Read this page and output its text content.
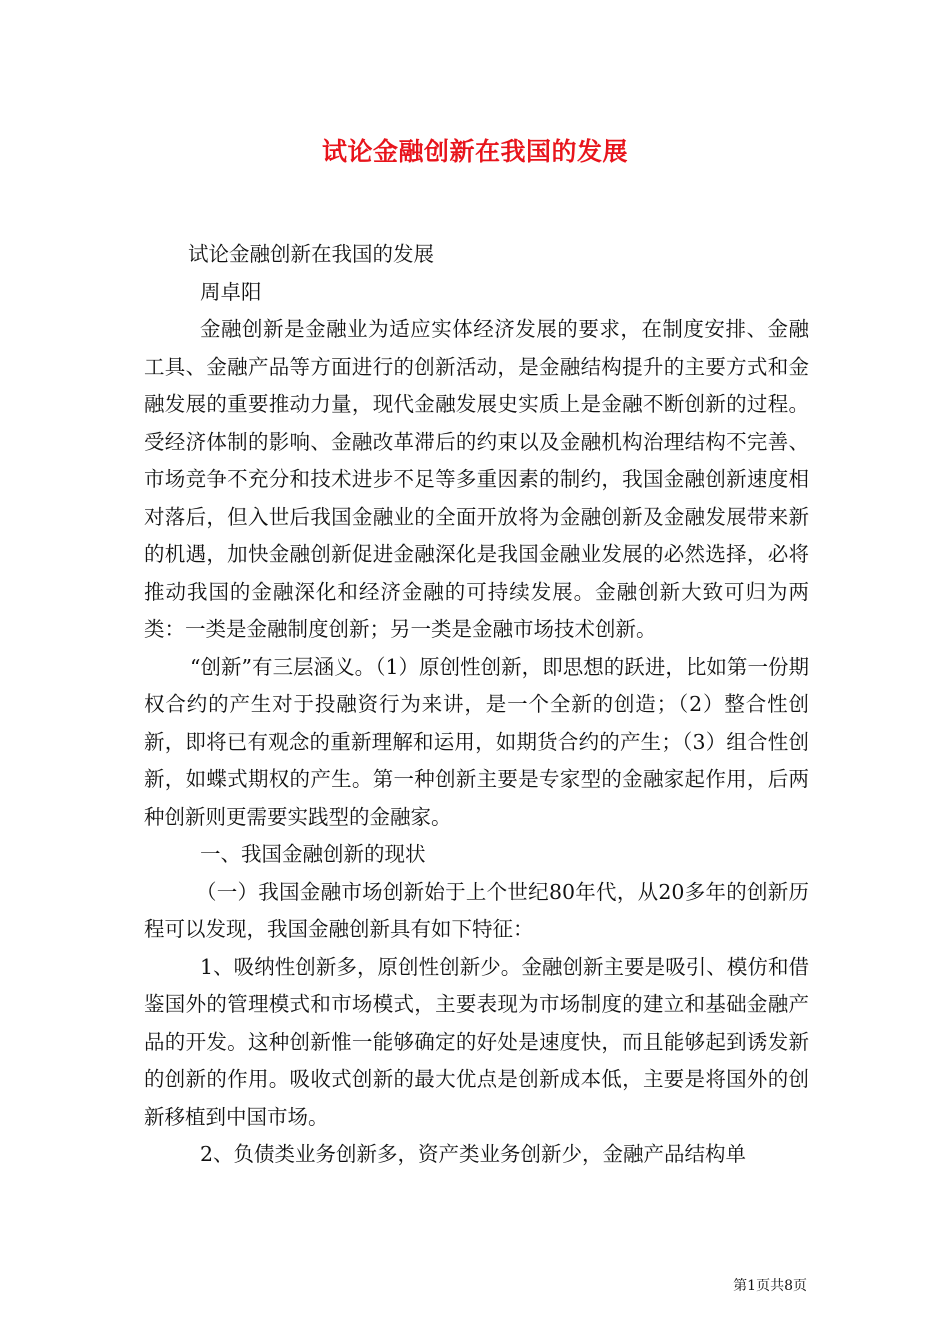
试论金融创新在我国的发展

试论金融创新在我国的发展

周卓阳

金融创新是金融业为适应实体经济发展的要求，在制度安排、金融工具、金融产品等方面进行的创新活动，是金融结构提升的主要方式和金融发展的重要推动力量，现代金融发展史实质上是金融不断创新的过程。受经济体制的影响、金融改革滞后的约束以及金融机构治理结构不完善、市场竞争不充分和技术进步不足等多重因素的制约，我国金融创新速度相对落后，但入世后我国金融业的全面开放将为金融创新及金融发展带来新的机遇，加快金融创新促进金融深化是我国金融业发展的必然选择，必将推动我国的金融深化和经济金融的可持续发展。金融创新大致可归为两类：一类是金融制度创新；另一类是金融市场技术创新。

“创新”有三层涵义。（1）原创性创新，即思想的跃进，比如第一份期权合约的产生对于投融资行为来讲，是一个全新的创造；（2）整合性创新，即将已有观念的重新理解和运用，如期货合约的产生；（3）组合性创新，如蝶式期权的产生。第一种创新主要是专家型的金融家起作用，后两种创新则更需要实践型的金融家。

一、我国金融创新的现状

（一）我国金融市场创新始于上个世纪80年代，从20多年的创新历程可以发现，我国金融创新具有如下特征：

1、吸纳性创新多，原创性创新少。金融创新主要是吸引、模仿和借鉴国外的管理模式和市场模式，主要表现为市场制度的建立和基础金融产品的开发。这种创新惟一能够确定的好处是速度快，而且能够起到诱发新的创新的作用。吸收式创新的最大优点是创新成本低，主要是将国外的创新移植到中国市场。

2、负债类业务创新多，资产类业务创新少，金融产品结构单

第1页共8页
